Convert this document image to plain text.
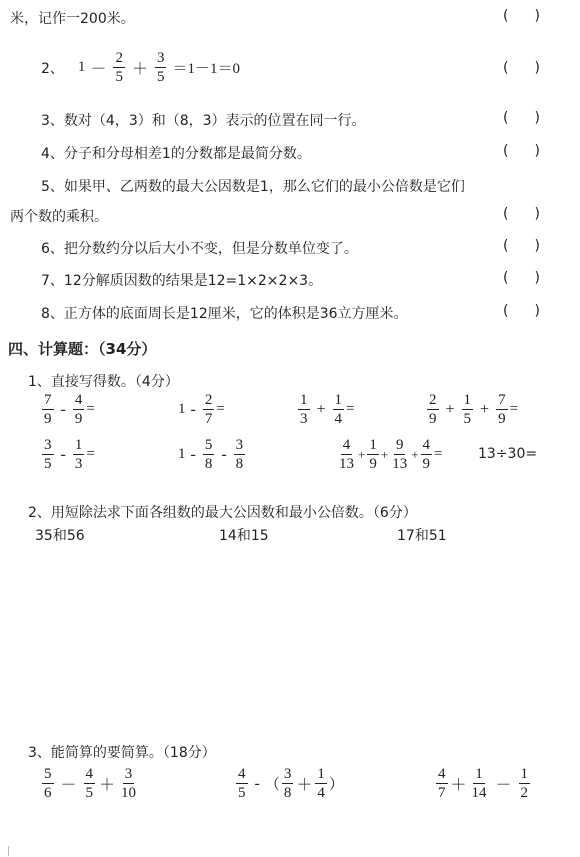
米，记作一200米。	( )
2、 $1 - \frac{2}{5} + \frac{3}{5} =1-1=0$	( )
3、数对（4，3）和（8，3）表示的位置在同一行。	( )
4、分子和分母相差1的分数都是最简分数。	( )
5、如果甲、乙两数的最大公因数是1，那么它们的最小公倍数是它们
两个数的乘积。	( )
6、把分数约分以后大小不变，但是分数单位变了。	( )
7、12分解质因数的结果是12=1×2×2×3。	( )
8、正方体的底面周长是12厘米，它的体积是36立方厘米。	( )
四、计算题：（34分）
1、直接写得数。（4分）
$\frac{7}{9} - \frac{4}{9}$ =	$1 - \frac{2}{7}$ =	$\frac{1}{3} + \frac{1}{4}$ =	$\frac{2}{9} + \frac{1}{5} + \frac{7}{9}$ =
$\frac{3}{5} - \frac{1}{3}$ =	$1 - \frac{5}{8} - \frac{3}{8}$	$\frac{4}{13} + \frac{1}{9} + \frac{9}{13} + \frac{4}{9}$ =	13÷30=
2、用短除法求下面各组数的最大公因数和最小公倍数。（6分）
35和56	14和15	17和51
3、能简算的要简算。（18分）
$\frac{5}{6} - \frac{4}{5} + \frac{3}{10}$	$\frac{4}{5}$ - （ $\frac{3}{8} + \frac{1}{4}$ ）	$\frac{4}{7} + \frac{1}{14} - \frac{1}{2}$
